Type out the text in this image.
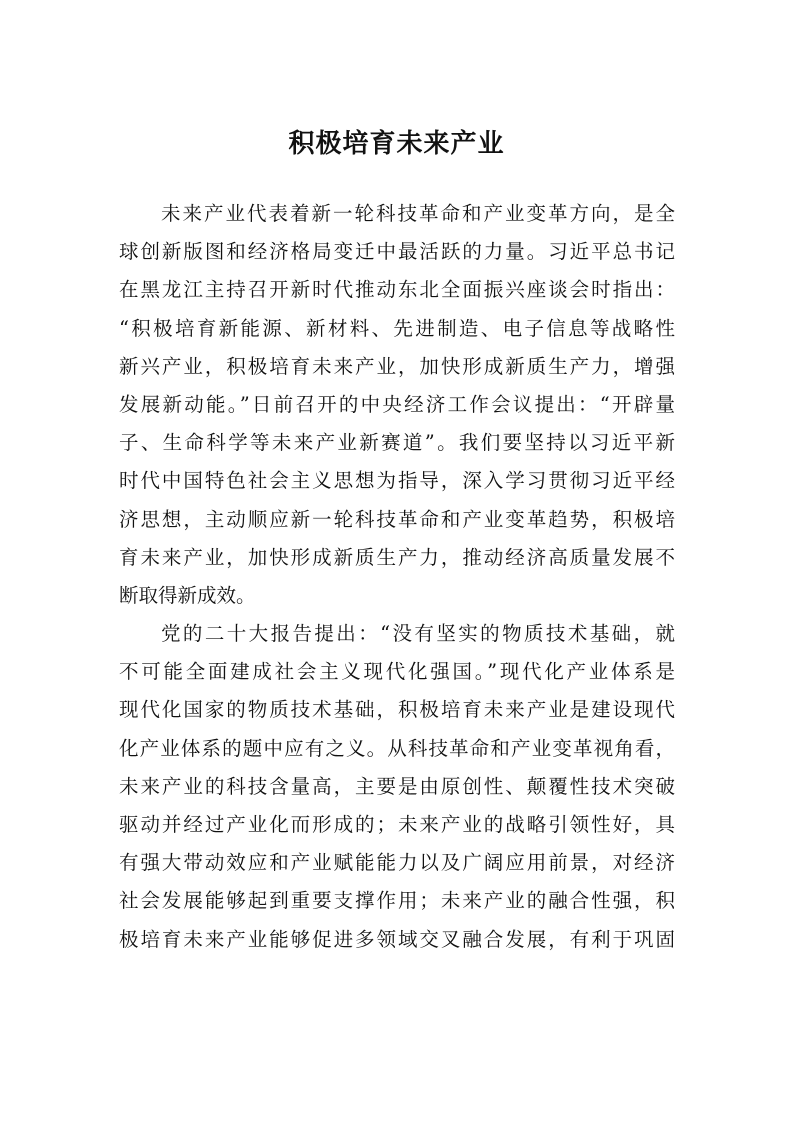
积极培育未来产业
未来产业代表着新一轮科技革命和产业变革方向，是全
球创新版图和经济格局变迁中最活跃的力量。习近平总书记
在黑龙江主持召开新时代推动东北全面振兴座谈会时指出：
“积极培育新能源、新材料、先进制造、电子信息等战略性
新兴产业，积极培育未来产业，加快形成新质生产力，增强
发展新动能。”日前召开的中央经济工作会议提出：“开辟量
子、生命科学等未来产业新赛道”。我们要坚持以习近平新
时代中国特色社会主义思想为指导，深入学习贯彻习近平经
济思想，主动顺应新一轮科技革命和产业变革趋势，积极培
育未来产业，加快形成新质生产力，推动经济高质量发展不
断取得新成效。
党的二十大报告提出：“没有坚实的物质技术基础，就
不可能全面建成社会主义现代化强国。”现代化产业体系是
现代化国家的物质技术基础，积极培育未来产业是建设现代
化产业体系的题中应有之义。从科技革命和产业变革视角看，
未来产业的科技含量高，主要是由原创性、颠覆性技术突破
驱动并经过产业化而形成的；未来产业的战略引领性好，具
有强大带动效应和产业赋能能力以及广阔应用前景，对经济
社会发展能够起到重要支撑作用；未来产业的融合性强，积
极培育未来产业能够促进多领域交叉融合发展，有利于巩固
